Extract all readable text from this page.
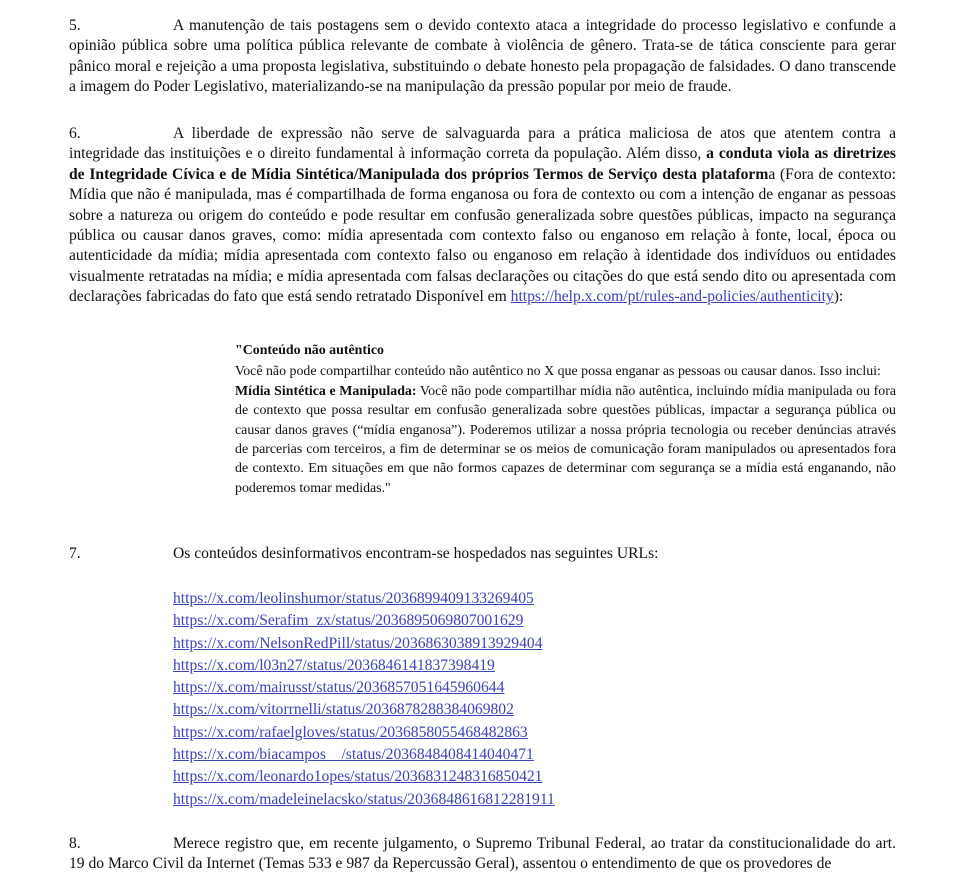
5.	A manutenção de tais postagens sem o devido contexto ataca a integridade do processo legislativo e confunde a opinião pública sobre uma política pública relevante de combate à violência de gênero. Trata-se de tática consciente para gerar pânico moral e rejeição a uma proposta legislativa, substituindo o debate honesto pela propagação de falsidades. O dano transcende a imagem do Poder Legislativo, materializando-se na manipulação da pressão popular por meio de fraude.
6.	A liberdade de expressão não serve de salvaguarda para a prática maliciosa de atos que atentem contra a integridade das instituições e o direito fundamental à informação correta da população. Além disso, a conduta viola as diretrizes de Integridade Cívica e de Mídia Sintética/Manipulada dos próprios Termos de Serviço desta plataforma (Fora de contexto: Mídia que não é manipulada, mas é compartilhada de forma enganosa ou fora de contexto ou com a intenção de enganar as pessoas sobre a natureza ou origem do conteúdo e pode resultar em confusão generalizada sobre questões públicas, impacto na segurança pública ou causar danos graves, como: mídia apresentada com contexto falso ou enganoso em relação à fonte, local, época ou autenticidade da mídia; mídia apresentada com contexto falso ou enganoso em relação à identidade dos indivíduos ou entidades visualmente retratadas na mídia; e mídia apresentada com falsas declarações ou citações do que está sendo dito ou apresentada com declarações fabricadas do fato que está sendo retratado Disponível em https://help.x.com/pt/rules-and-policies/authenticity):
"Conteúdo não autêntico
Você não pode compartilhar conteúdo não autêntico no X que possa enganar as pessoas ou causar danos. Isso inclui:
Mídia Sintética e Manipulada: Você não pode compartilhar mídia não autêntica, incluindo mídia manipulada ou fora de contexto que possa resultar em confusão generalizada sobre questões públicas, impactar a segurança pública ou causar danos graves (“mídia enganosa”). Poderemos utilizar a nossa própria tecnologia ou receber denúncias através de parcerias com terceiros, a fim de determinar se os meios de comunicação foram manipulados ou apresentados fora de contexto. Em situações em que não formos capazes de determinar com segurança se a mídia está enganando, não poderemos tomar medidas."
7.	Os conteúdos desinformativos encontram-se hospedados nas seguintes URLs:
https://x.com/leolinshumor/status/2036899409133269405
https://x.com/Serafim_zx/status/2036895069807001629
https://x.com/NelsonRedPill/status/2036863038913929404
https://x.com/l03n27/status/2036846141837398419
https://x.com/mairusst/status/2036857051645960644
https://x.com/vitorrnelli/status/2036878288384069802
https://x.com/rafaelgloves/status/2036858055468482863
https://x.com/biacampos__/status/2036848408414040471
https://x.com/leonardo1opes/status/2036831248316850421
https://x.com/madeleinelacsko/status/2036848616812281911
8.	Merece registro que, em recente julgamento, o Supremo Tribunal Federal, ao tratar da constitucionalidade do art. 19 do Marco Civil da Internet (Temas 533 e 987 da Repercussão Geral), assentou o entendimento de que os provedores de
